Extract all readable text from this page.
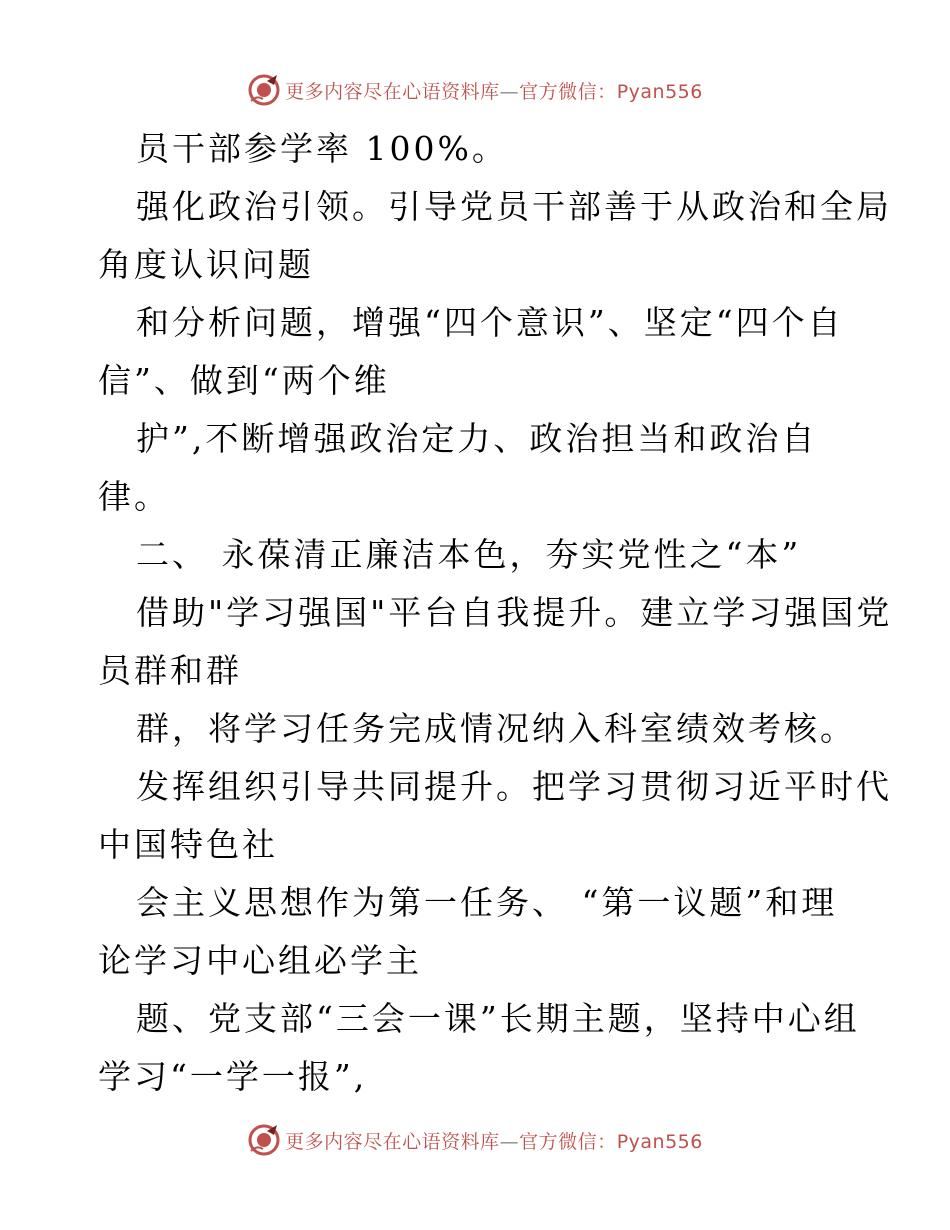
更多内容尽在心语资料库—官方微信：Pyan556
员干部参学率 100%。
强化政治引领。引导党员干部善于从政治和全局
角度认识问题
和分析问题，增强“四个意识”、坚定“四个自
信”、做到“两个维
护”,不断增强政治定力、政治担当和政治自
律。
二、 永葆清正廉洁本色，夯实党性之“本”
借助"学习强国"平台自我提升。建立学习强国党
员群和群
群，将学习任务完成情况纳入科室绩效考核。
发挥组织引导共同提升。把学习贯彻习近平时代
中国特色社
会主义思想作为第一任务、 “第一议题”和理
论学习中心组必学主
题、党支部“三会一课”长期主题，坚持中心组
学习“一学一报”,
更多内容尽在心语资料库—官方微信：Pyan556
